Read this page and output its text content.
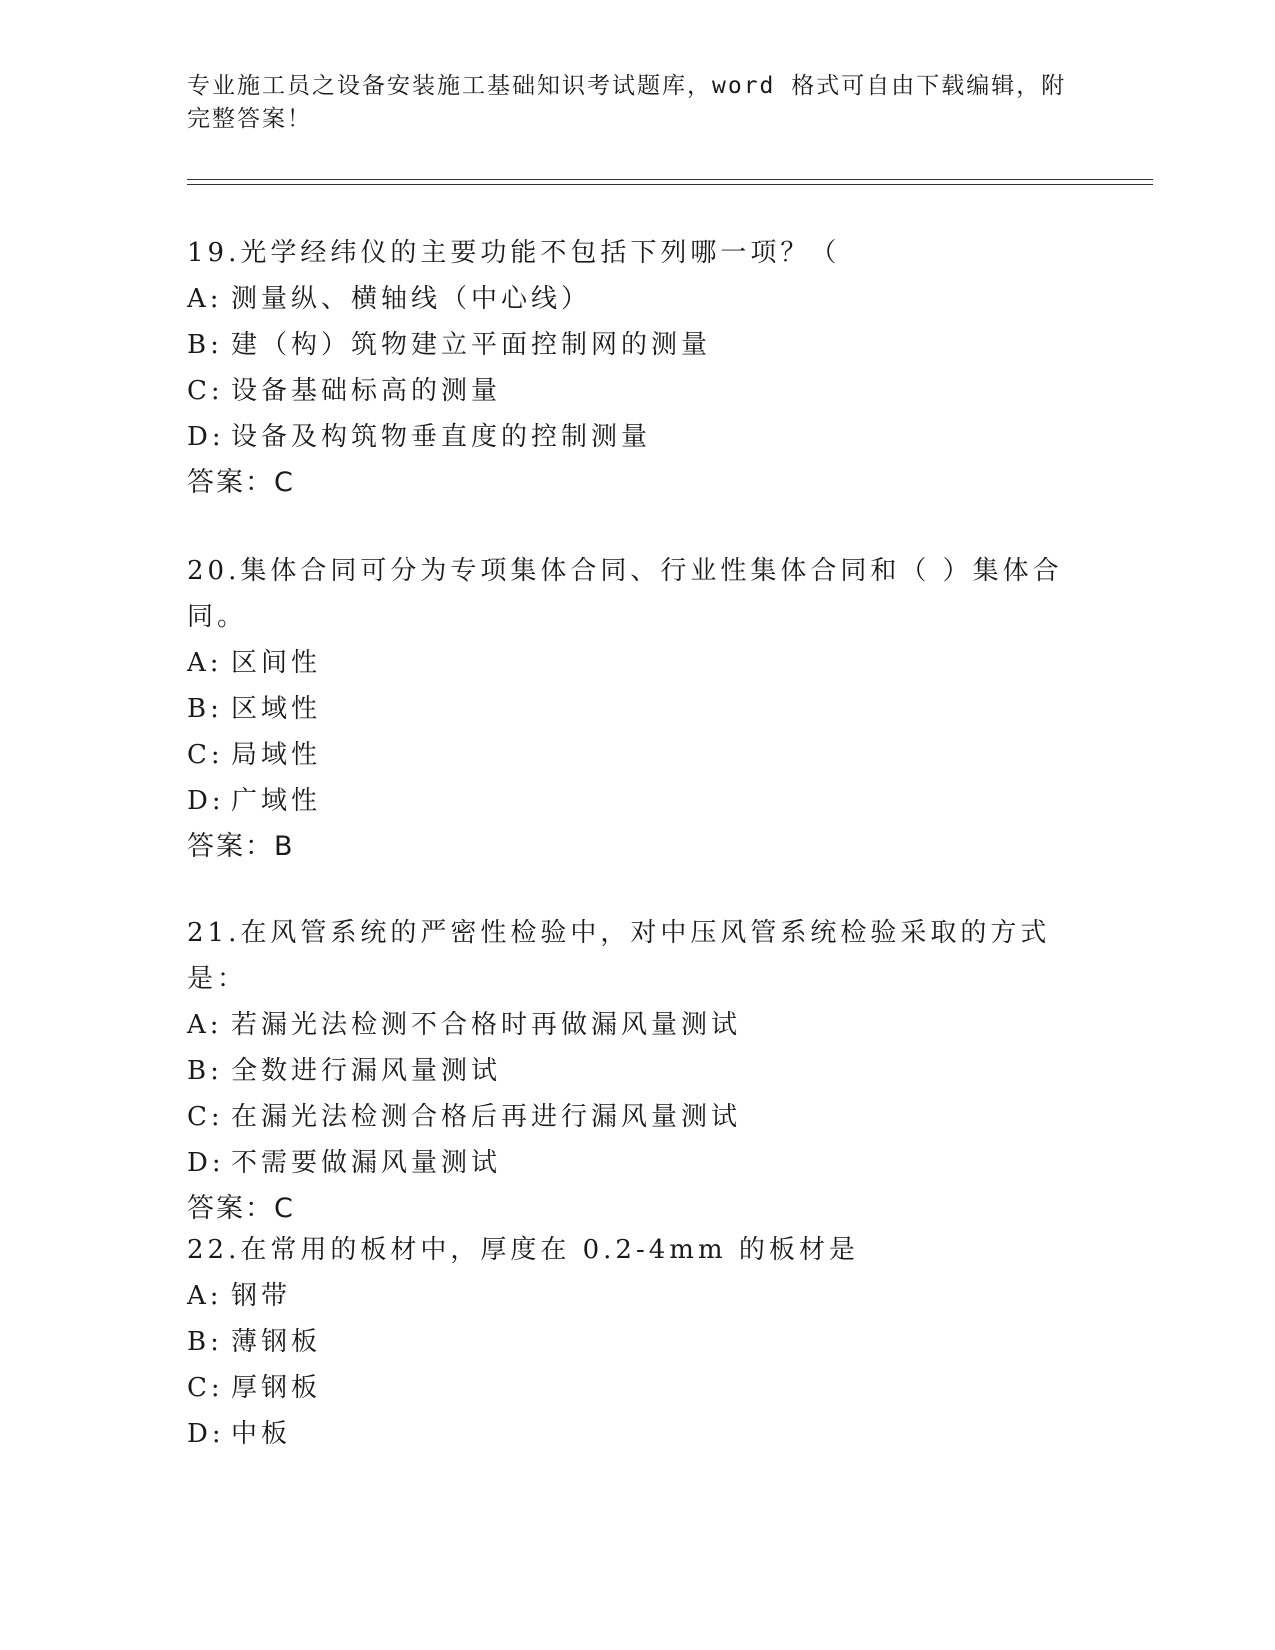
专业施工员之设备安装施工基础知识考试题库，word 格式可自由下载编辑，附完整答案！
19.光学经纬仪的主要功能不包括下列哪一项？（
A: 测量纵、横轴线（中心线）
B: 建（构）筑物建立平面控制网的测量
C: 设备基础标高的测量
D: 设备及构筑物垂直度的控制测量
答案：C
20.集体合同可分为专项集体合同、行业性集体合同和（ ）集体合同。
A: 区间性
B: 区域性
C: 局域性
D: 广域性
答案：B
21.在风管系统的严密性检验中，对中压风管系统检验采取的方式是：
A: 若漏光法检测不合格时再做漏风量测试
B: 全数进行漏风量测试
C: 在漏光法检测合格后再进行漏风量测试
D: 不需要做漏风量测试
答案：C
22.在常用的板材中，厚度在 0.2-4mm 的板材是
A: 钢带
B: 薄钢板
C: 厚钢板
D: 中板
